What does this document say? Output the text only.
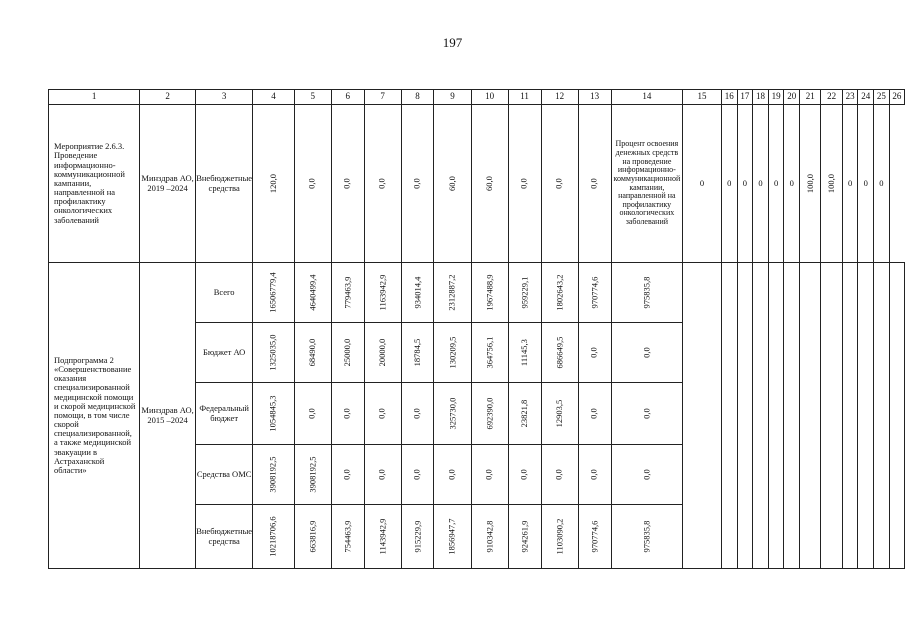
197
1	2	3	4	5	6	7	8	9	10	11	12	13	14	15	16	17	18	19	20	21	22	23	24	25	26
Мероприятие 2.6.3. Проведение информационно-коммуникационной кампании, направленной на профилактику онкологических заболеваний	Минздрав АО, 2019 –2024	Внебюджетные средства	120,0	0,0	0,0	0,0	0,0	60,0	60,0	0,0	0,0	0,0	Процент освоения денежных средств на проведение информационно-коммуникационной кампании, направленной на профилактику онкологических заболеваний	0	0	0	0	0	0	100,0	100,0	0	0	0	
Подпрограмма 2 «Совершенствование оказания специализированной медицинской помощи и скорой медицинской помощи, в том числе скорой специализированной, а также медицинской эвакуации в Астраханской области»	Минздрав АО, 2015 –2024	Всего	16506779,4	4640499,4	779463,9	1163942,9	934014,4	2312887,2	1967488,9	959229,1	1802643,2	970774,6	975835,8												
		Бюджет АО	1325035,0	68490,0	25000,0	20000,0	18784,5	130209,5	364756,1	11145,3	686649,5	0,0	0,0												
		Федеральный бюджет	1054845,3	0,0	0,0	0,0	0,0	325730,0	692390,0	23821,8	12903,5	0,0	0,0												
		Средства ОМС	3908192,5	3908192,5	0,0	0,0	0,0	0,0	0,0	0,0	0,0	0,0	0,0												
		Внебюджетные средства	10218706,6	663816,9	754463,9	1143942,9	915229,9	1856947,7	910342,8	924261,9	1103090,2	970774,6	975835,8												
